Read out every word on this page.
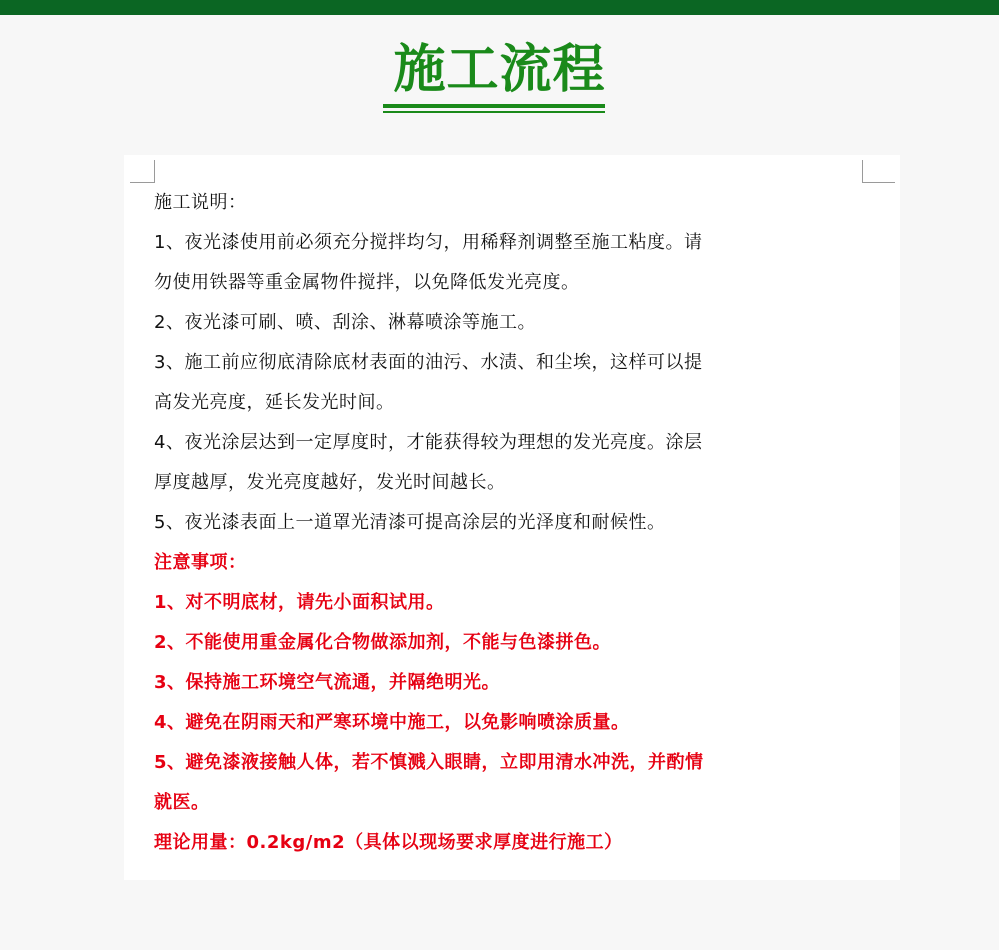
施工流程
施工说明：
1、夜光漆使用前必须充分搅拌均匀，用稀释剂调整至施工粘度。请
勿使用铁器等重金属物件搅拌，以免降低发光亮度。
2、夜光漆可刷、喷、刮涂、淋幕喷涂等施工。
3、施工前应彻底清除底材表面的油污、水渍、和尘埃，这样可以提
高发光亮度，延长发光时间。
4、夜光涂层达到一定厚度时，才能获得较为理想的发光亮度。涂层
厚度越厚，发光亮度越好，发光时间越长。
5、夜光漆表面上一道罩光清漆可提高涂层的光泽度和耐候性。
注意事项：
1、对不明底材，请先小面积试用。
2、不能使用重金属化合物做添加剂，不能与色漆拼色。
3、保持施工环境空气流通，并隔绝明光。
4、避免在阴雨天和严寒环境中施工，以免影响喷涂质量。
5、避免漆液接触人体，若不慎溅入眼睛，立即用清水冲洗，并酌情
就医。
理论用量：0.2kg/m2（具体以现场要求厚度进行施工）
